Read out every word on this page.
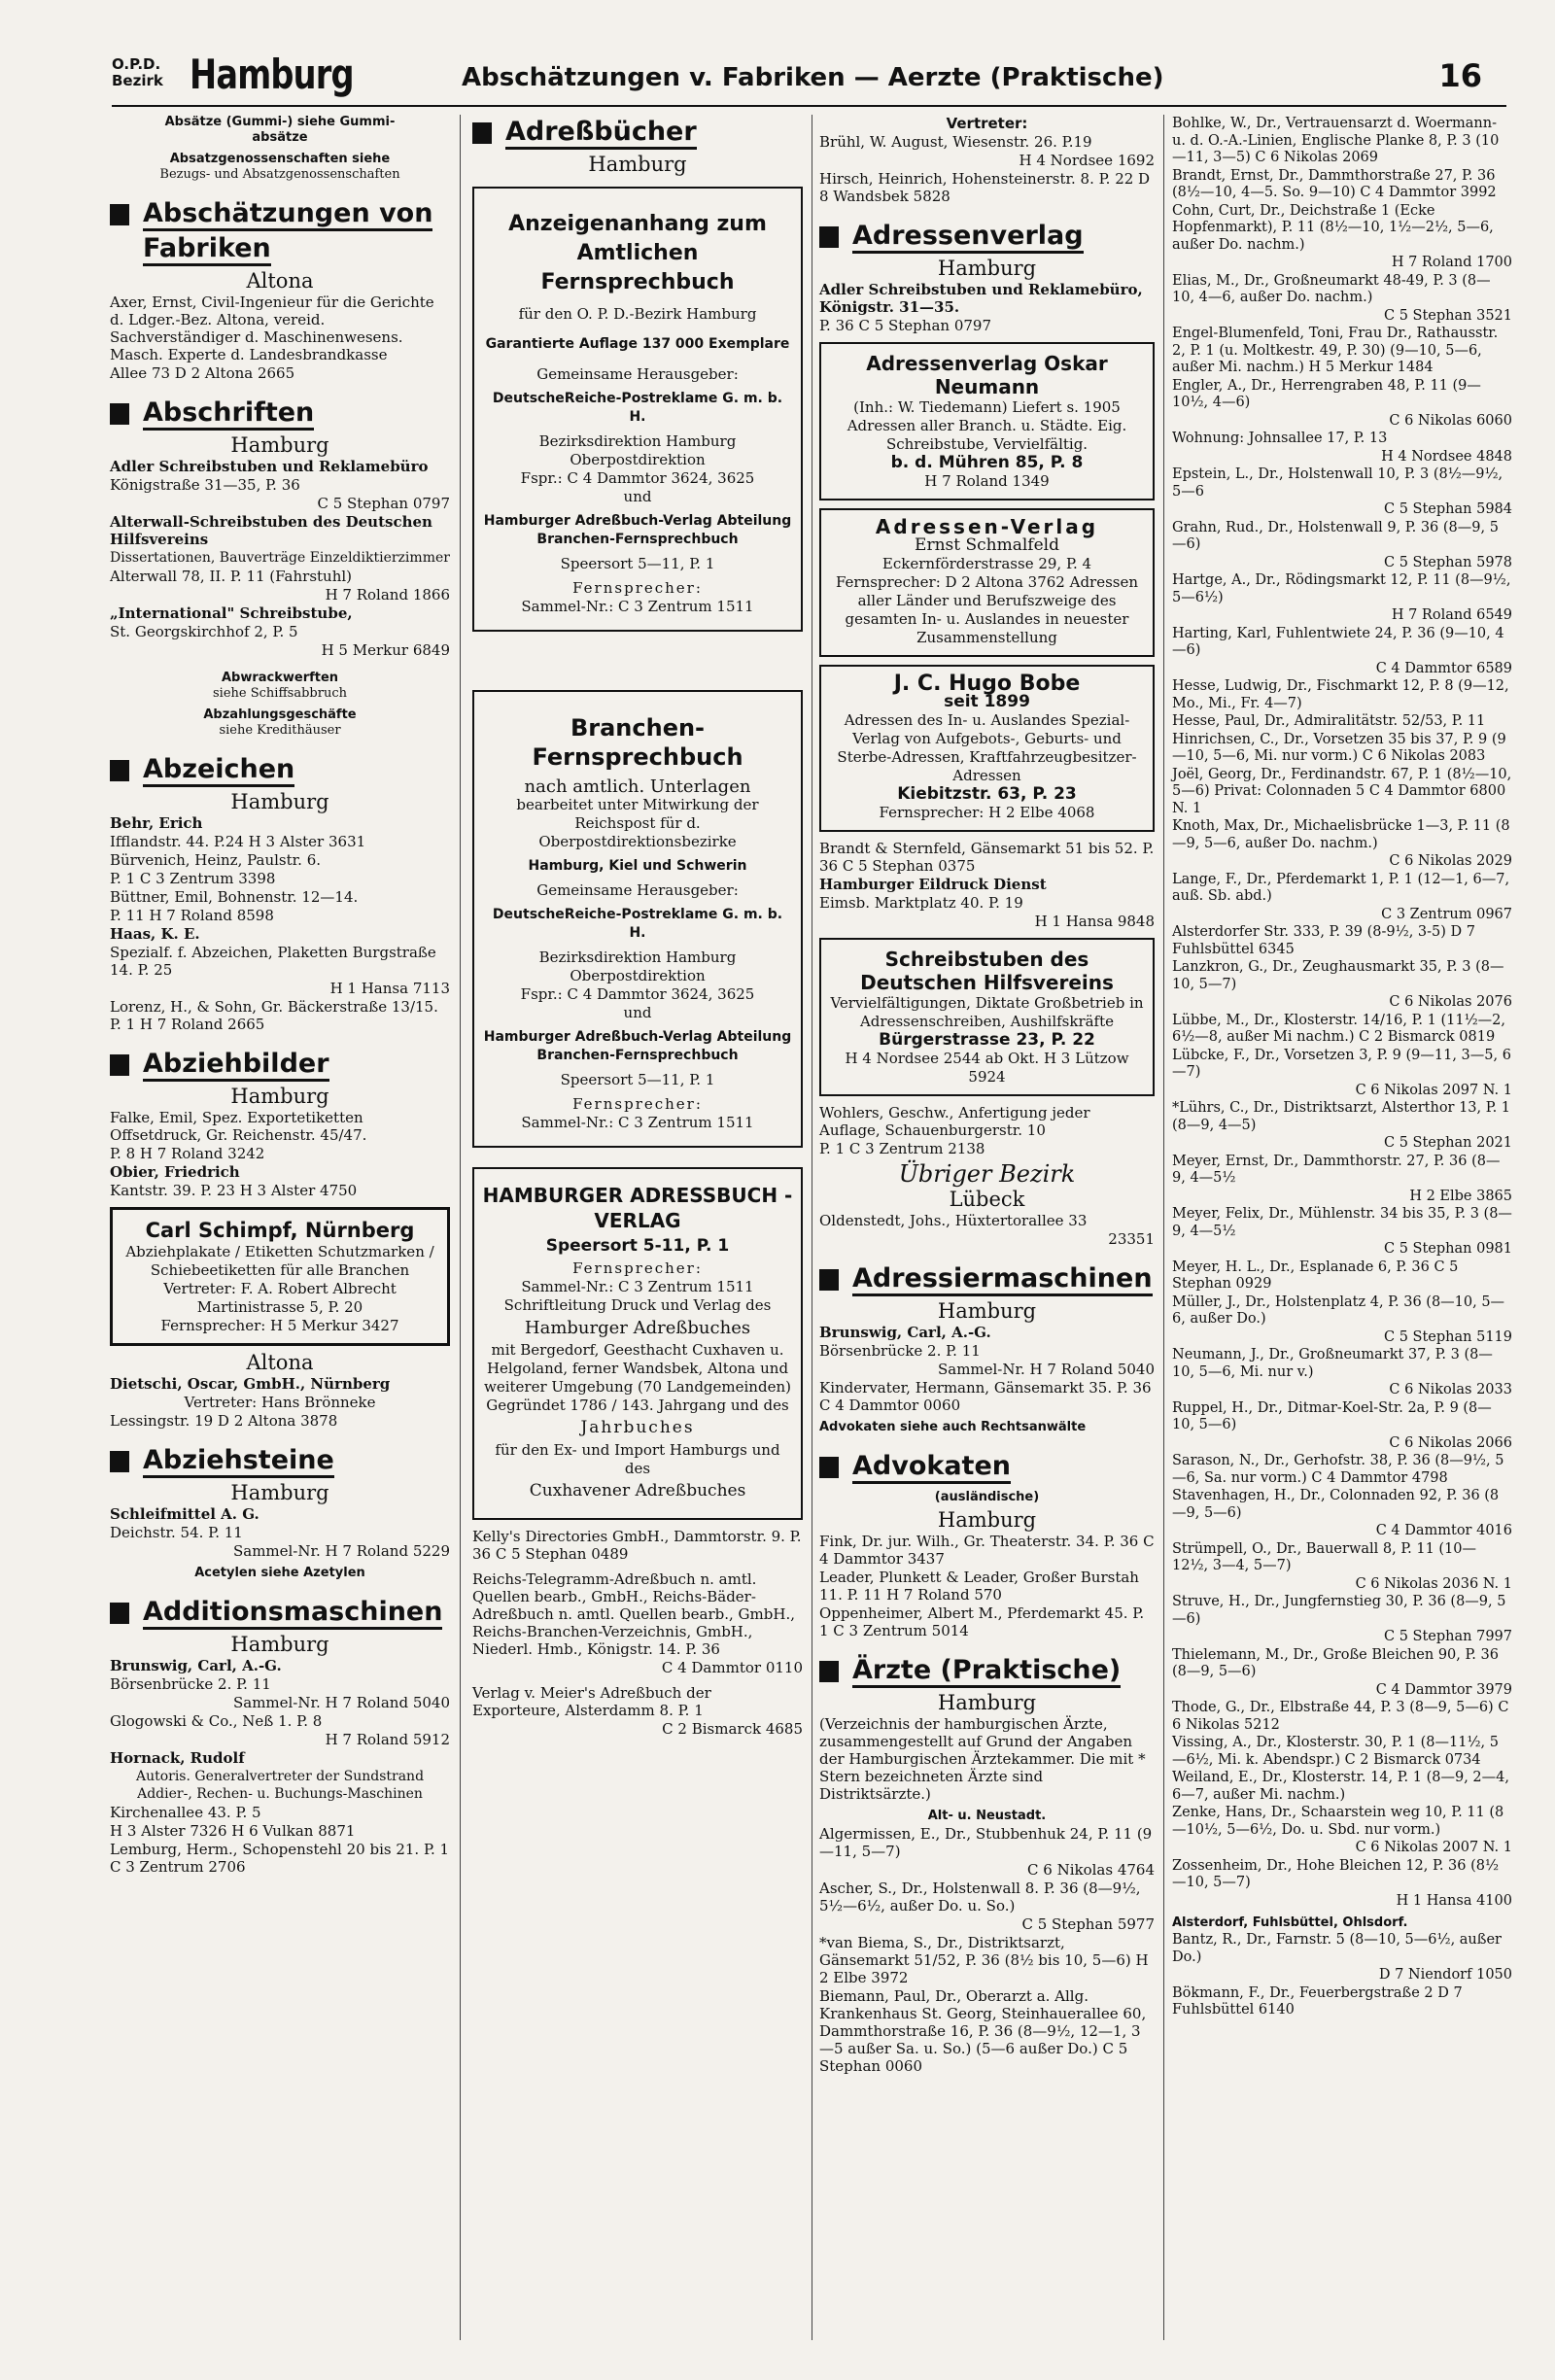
O.P.D.
Bezirk Hamburg	Abschätzungen v. Fabriken — Aerzte (Praktische)	16
Absätze (Gummi-) siehe Gummi-
absätze
Absatzgenossenschaften siehe
Bezugs- und Absatzgenossenschaften
Abschätzungen von Fabriken
Altona
Axer, Ernst, Civil-Ingenieur für die Gerichte d. Ldger.-Bez. Altona, vereid. Sachverständiger d. Maschinenwesens. Masch. Experte d. Landesbrandkasse
Allee 73 D 2 Altona 2665
Abschriften
Hamburg
Adler Schreibstuben und Reklamebüro
Königstraße 31—35, P. 36
C 5 Stephan 0797
Alterwall-Schreibstuben des Deutschen Hilfsvereins
Dissertationen, Bauverträge Einzeldiktierzimmer
Alterwall 78, II. P. 11 (Fahrstuhl)
H 7 Roland 1866
„International" Schreibstube,
St. Georgskirchhof 2, P. 5
H 5 Merkur 6849
Abwrackwerften
siehe Schiffsabbruch
Abzahlungsgeschäfte
siehe Kredithäuser
Abzeichen
Hamburg
Behr, Erich
Ifflandstr. 44. P.24 H 3 Alster 3631
Bürvenich, Heinz, Paulstr. 6.
P. 1 C 3 Zentrum 3398
Büttner, Emil, Bohnenstr. 12—14.
P. 11 H 7 Roland 8598
Haas, K. E.
Spezialf. f. Abzeichen, Plaketten Burgstraße 14. P. 25
H 1 Hansa 7113
Lorenz, H., & Sohn, Gr. Bäckerstraße 13/15. P. 1 H 7 Roland 2665
Abziehbilder
Hamburg
Falke, Emil, Spez. Exportetiketten Offsetdruck, Gr. Reichenstr. 45/47.
P. 8 H 7 Roland 3242
Obier, Friedrich
Kantstr. 39. P. 23 H 3 Alster 4750
Carl Schimpf, Nürnberg
Abziehplakate / Etiketten Schutzmarken / Schiebeetiketten für alle Branchen
Vertreter: F. A. Robert Albrecht Martinistrasse 5, P. 20
Fernsprecher: H 5 Merkur 3427
Altona
Dietschi, Oscar, GmbH., Nürnberg
Vertreter: Hans Brönneke
Lessingstr. 19 D 2 Altona 3878
Abziehsteine
Hamburg
Schleifmittel A. G.
Deichstr. 54. P. 11
Sammel-Nr. H 7 Roland 5229
Acetylen siehe Azetylen
Additionsmaschinen
Hamburg
Brunswig, Carl, A.-G.
Börsenbrücke 2. P. 11
Sammel-Nr. H 7 Roland 5040
Glogowski & Co., Neß 1. P. 8
H 7 Roland 5912
Hornack, Rudolf
Autoris. Generalvertreter der Sundstrand Addier-, Rechen- u. Buchungs-Maschinen
Kirchenallee 43. P. 5
H 3 Alster 7326 H 6 Vulkan 8871
Lemburg, Herm., Schopenstehl 20 bis 21. P. 1 C 3 Zentrum 2706
Adreßbücher
Hamburg
Anzeigenanhang zum Amtlichen Fernsprechbuch
für den O. P. D.-Bezirk Hamburg
Garantierte Auflage 137 000 Exemplare
Gemeinsame Herausgeber:
DeutscheReiche-Postreklame G. m. b. H.
Bezirksdirektion Hamburg Oberpostdirektion
Fspr.: C 4 Dammtor 3624, 3625
und
Hamburger Adreßbuch-Verlag Abteilung Branchen-Fernsprechbuch
Speersort 5—11, P. 1
Fernsprecher:
Sammel-Nr.: C 3 Zentrum 1511
Branchen-Fernsprechbuch
nach amtlich. Unterlagen
bearbeitet unter Mitwirkung der Reichspost für d. Oberpostdirektionsbezirke
Hamburg, Kiel und Schwerin
Gemeinsame Herausgeber:
DeutscheReiche-Postreklame G. m. b. H.
Bezirksdirektion Hamburg Oberpostdirektion
Fspr.: C 4 Dammtor 3624, 3625
und
Hamburger Adreßbuch-Verlag Abteilung Branchen-Fernsprechbuch
Speersort 5—11, P. 1
Fernsprecher:
Sammel-Nr.: C 3 Zentrum 1511
HAMBURGER ADRESSBUCH - VERLAG
Speersort 5-11, P. 1
Fernsprecher:
Sammel-Nr.: C 3 Zentrum 1511
Schriftleitung Druck und Verlag des
Hamburger Adreßbuches
mit Bergedorf, Geesthacht Cuxhaven u. Helgoland, ferner Wandsbek, Altona und weiterer Umgebung (70 Landgemeinden)
Gegründet 1786 / 143. Jahrgang und des
Jahrbuches
für den Ex- und Import Hamburgs und des
Cuxhavener Adreßbuches
Kelly's Directories GmbH., Dammtorstr. 9. P. 36 C 5 Stephan 0489
Reichs-Telegramm-Adreßbuch n. amtl. Quellen bearb., GmbH., Reichs-Bäder-Adreßbuch n. amtl. Quellen bearb., GmbH., Reichs-Branchen-Verzeichnis, GmbH., Niederl. Hmb., Königstr. 14. P. 36
C 4 Dammtor 0110
Verlag v. Meier's Adreßbuch der Exporteure, Alsterdamm 8. P. 1
C 2 Bismarck 4685
Vertreter:
Brühl, W. August, Wiesenstr. 26. P.19
H 4 Nordsee 1692
Hirsch, Heinrich, Hohensteinerstr. 8. P. 22 D 8 Wandsbek 5828
Adressenverlag
Hamburg
Adler Schreibstuben und Reklamebüro, Königstr. 31—35.
P. 36 C 5 Stephan 0797
Adressenverlag Oskar Neumann
(Inh.: W. Tiedemann) Liefert s. 1905 Adressen aller Branch. u. Städte. Eig. Schreibstube, Vervielfältig.
b. d. Mühren 85, P. 8
H 7 Roland 1349
Adressen-Verlag
Ernst Schmalfeld
Eckernförderstrasse 29, P. 4
Fernsprecher: D 2 Altona 3762 Adressen aller Länder und Berufszweige des gesamten In- u. Auslandes in neuester Zusammenstellung
J. C. Hugo Bobe
seit 1899
Adressen des In- u. Auslandes Spezial-Verlag von Aufgebots-, Geburts- und Sterbe-Adressen, Kraftfahrzeugbesitzer-Adressen
Kiebitzstr. 63, P. 23
Fernsprecher: H 2 Elbe 4068
Brandt & Sternfeld, Gänsemarkt 51 bis 52. P. 36 C 5 Stephan 0375
Hamburger Eildruck Dienst
Eimsb. Marktplatz 40. P. 19
H 1 Hansa 9848
Schreibstuben des Deutschen Hilfsvereins
Vervielfältigungen, Diktate Großbetrieb in Adressenschreiben, Aushilfskräfte
Bürgerstrasse 23, P. 22
H 4 Nordsee 2544 ab Okt. H 3 Lützow 5924
Wohlers, Geschw., Anfertigung jeder Auflage, Schauenburgerstr. 10
P. 1 C 3 Zentrum 2138
Übriger Bezirk
Lübeck
Oldenstedt, Johs., Hüxtertorallee 33
23351
Adressiermaschinen
Hamburg
Brunswig, Carl, A.-G.
Börsenbrücke 2. P. 11
Sammel-Nr. H 7 Roland 5040
Kindervater, Hermann, Gänsemarkt 35. P. 36 C 4 Dammtor 0060
Advokaten siehe auch Rechtsanwälte
Advokaten
(ausländische)
Hamburg
Fink, Dr. jur. Wilh., Gr. Theaterstr. 34. P. 36 C 4 Dammtor 3437
Leader, Plunkett & Leader, Großer Burstah 11. P. 11 H 7 Roland 570
Oppenheimer, Albert M., Pferdemarkt 45. P. 1 C 3 Zentrum 5014
Ärzte (Praktische)
Hamburg
(Verzeichnis der hamburgischen Ärzte, zusammengestellt auf Grund der Angaben der Hamburgischen Ärztekammer. Die mit * Stern bezeichneten Ärzte sind Distriktsärzte.)
Alt- u. Neustadt.
Algermissen, E., Dr., Stubbenhuk 24, P. 11 (9—11, 5—7)
C 6 Nikolas 4764
Ascher, S., Dr., Holstenwall 8. P. 36 (8—9½, 5½—6½, außer Do. u. So.)
C 5 Stephan 5977
*van Biema, S., Dr., Distriktsarzt, Gänsemarkt 51/52, P. 36 (8½ bis 10, 5—6) H 2 Elbe 3972
Biemann, Paul, Dr., Oberarzt a. Allg. Krankenhaus St. Georg, Steinhauerallee 60, Dammthorstraße 16, P. 36 (8—9½, 12—1, 3—5 außer Sa. u. So.) (5—6 außer Do.) C 5 Stephan 0060
Bohlke, W., Dr., Vertrauensarzt d. Woermann- u. d. O.-A.-Linien, Englische Planke 8, P. 3 (10—11, 3—5) C 6 Nikolas 2069
Brandt, Ernst, Dr., Dammthorstraße 27, P. 36 (8½—10, 4—5. So. 9—10) C 4 Dammtor 3992
Cohn, Curt, Dr., Deichstraße 1 (Ecke Hopfenmarkt), P. 11 (8½—10, 1½—2½, 5—6, außer Do. nachm.)
H 7 Roland 1700
Elias, M., Dr., Großneumarkt 48-49, P. 3 (8—10, 4—6, außer Do. nachm.)
C 5 Stephan 3521
Engel-Blumenfeld, Toni, Frau Dr., Rathausstr. 2, P. 1 (u. Moltkestr. 49, P. 30) (9—10, 5—6, außer Mi. nachm.) H 5 Merkur 1484
Engler, A., Dr., Herrengraben 48, P. 11 (9—10½, 4—6)
C 6 Nikolas 6060
Wohnung: Johnsallee 17, P. 13
H 4 Nordsee 4848
Epstein, L., Dr., Holstenwall 10, P. 3 (8½—9½, 5—6
C 5 Stephan 5984
Grahn, Rud., Dr., Holstenwall 9, P. 36 (8—9, 5—6)
C 5 Stephan 5978
Hartge, A., Dr., Rödingsmarkt 12, P. 11 (8—9½, 5—6½)
H 7 Roland 6549
Harting, Karl, Fuhlentwiete 24, P. 36 (9—10, 4—6)
C 4 Dammtor 6589
Hesse, Ludwig, Dr., Fischmarkt 12, P. 8 (9—12, Mo., Mi., Fr. 4—7)
Hesse, Paul, Dr., Admiralitätstr. 52/53, P. 11
Hinrichsen, C., Dr., Vorsetzen 35 bis 37, P. 9 (9—10, 5—6, Mi. nur vorm.) C 6 Nikolas 2083
Joël, Georg, Dr., Ferdinandstr. 67, P. 1 (8½—10, 5—6) Privat: Colonnaden 5 C 4 Dammtor 6800 N. 1
Knoth, Max, Dr., Michaelisbrücke 1—3, P. 11 (8—9, 5—6, außer Do. nachm.)
C 6 Nikolas 2029
Lange, F., Dr., Pferdemarkt 1, P. 1 (12—1, 6—7, auß. Sb. abd.)
C 3 Zentrum 0967
Alsterdorfer Str. 333, P. 39 (8-9½, 3-5) D 7 Fuhlsbüttel 6345
Lanzkron, G., Dr., Zeughausmarkt 35, P. 3 (8—10, 5—7)
C 6 Nikolas 2076
Lübbe, M., Dr., Klosterstr. 14/16, P. 1 (11½—2, 6½—8, außer Mi nachm.) C 2 Bismarck 0819
Lübcke, F., Dr., Vorsetzen 3, P. 9 (9—11, 3—5, 6—7)
C 6 Nikolas 2097 N. 1
*Lührs, C., Dr., Distriktsarzt, Alsterthor 13, P. 1 (8—9, 4—5)
C 5 Stephan 2021
Meyer, Ernst, Dr., Dammthorstr. 27, P. 36 (8—9, 4—5½
H 2 Elbe 3865
Meyer, Felix, Dr., Mühlenstr. 34 bis 35, P. 3 (8—9, 4—5½
C 5 Stephan 0981
Meyer, H. L., Dr., Esplanade 6, P. 36 C 5 Stephan 0929
Müller, J., Dr., Holstenplatz 4, P. 36 (8—10, 5—6, außer Do.)
C 5 Stephan 5119
Neumann, J., Dr., Großneumarkt 37, P. 3 (8—10, 5—6, Mi. nur v.)
C 6 Nikolas 2033
Ruppel, H., Dr., Ditmar-Koel-Str. 2a, P. 9 (8—10, 5—6)
C 6 Nikolas 2066
Sarason, N., Dr., Gerhofstr. 38, P. 36 (8—9½, 5—6, Sa. nur vorm.) C 4 Dammtor 4798
Stavenhagen, H., Dr., Colonnaden 92, P. 36 (8—9, 5—6)
C 4 Dammtor 4016
Strümpell, O., Dr., Bauerwall 8, P. 11 (10—12½, 3—4, 5—7)
C 6 Nikolas 2036 N. 1
Struve, H., Dr., Jungfernstieg 30, P. 36 (8—9, 5—6)
C 5 Stephan 7997
Thielemann, M., Dr., Große Bleichen 90, P. 36 (8—9, 5—6)
C 4 Dammtor 3979
Thode, G., Dr., Elbstraße 44, P. 3 (8—9, 5—6) C 6 Nikolas 5212
Vissing, A., Dr., Klosterstr. 30, P. 1 (8—11½, 5—6½, Mi. k. Abendspr.) C 2 Bismarck 0734
Weiland, E., Dr., Klosterstr. 14, P. 1 (8—9, 2—4, 6—7, außer Mi. nachm.)
Zenke, Hans, Dr., Schaarstein weg 10, P. 11 (8—10½, 5—6½, Do. u. Sbd. nur vorm.)
C 6 Nikolas 2007 N. 1
Zossenheim, Dr., Hohe Bleichen 12, P. 36 (8½—10, 5—7)
H 1 Hansa 4100
Alsterdorf, Fuhlsbüttel, Ohlsdorf.
Bantz, R., Dr., Farnstr. 5 (8—10, 5—6½, außer Do.)
D 7 Niendorf 1050
Bökmann, F., Dr., Feuerbergstraße 2 D 7 Fuhlsbüttel 6140
